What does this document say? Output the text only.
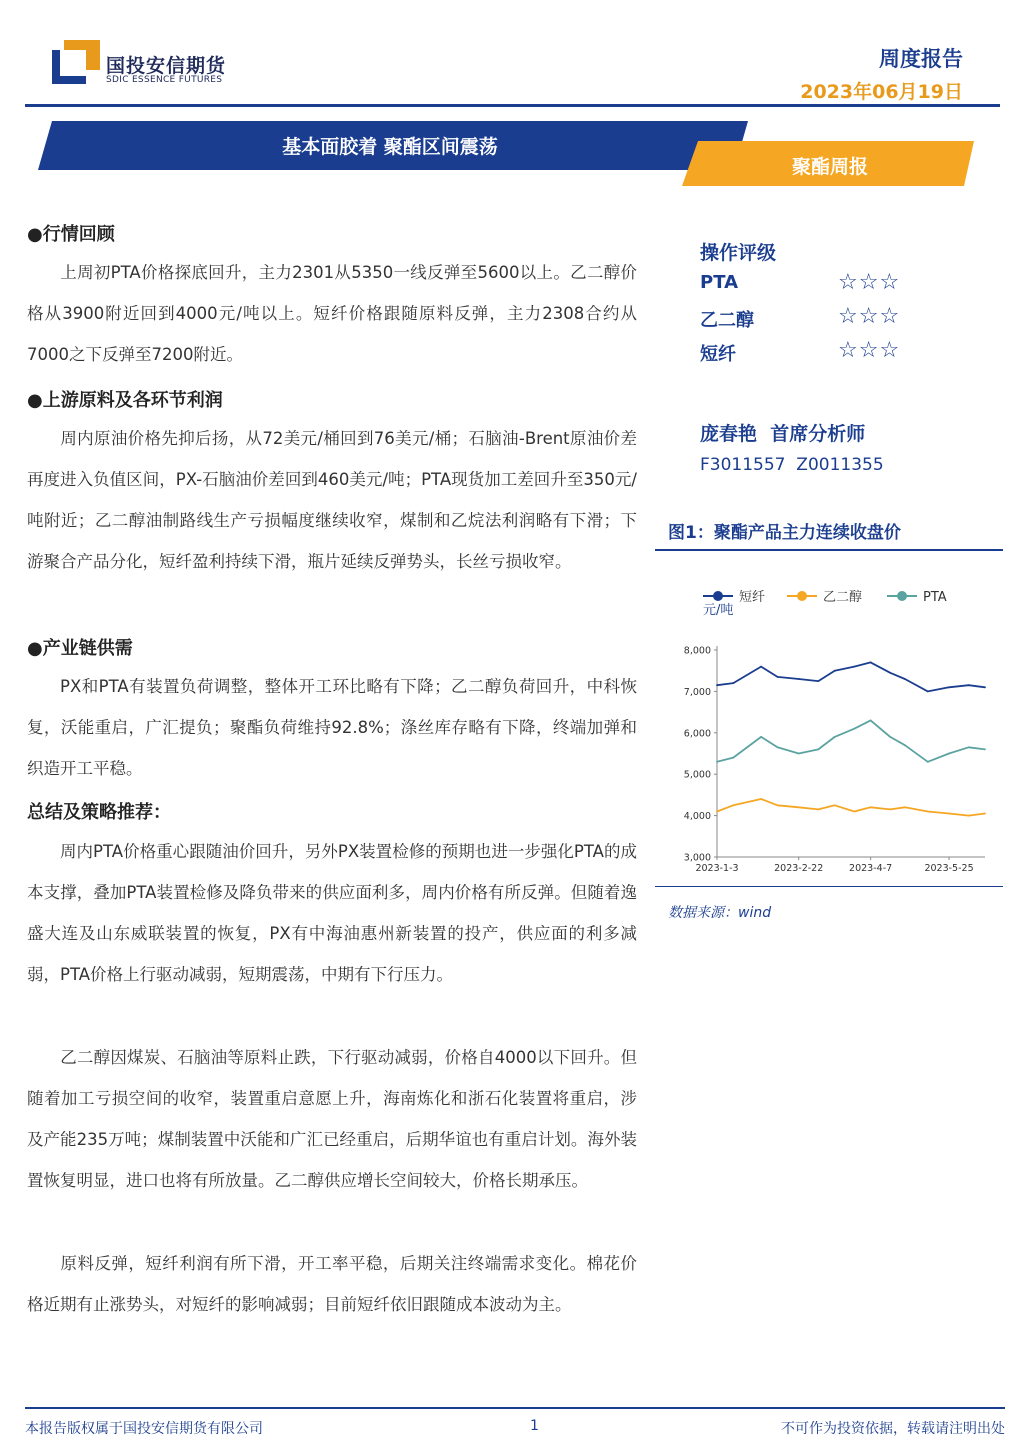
国投安信期货
SDIC ESSENCE FUTURES
周度报告
2023年06月19日
基本面胶着 聚酯区间震荡
聚酯周报
●行情回顾
上周初PTA价格探底回升，主力2301从5350一线反弹至5600以上。乙二醇价格从3900附近回到4000元/吨以上。短纤价格跟随原料反弹，主力2308合约从7000之下反弹至7200附近。
●上游原料及各环节利润
周内原油价格先抑后扬，从72美元/桶回到76美元/桶；石脑油-Brent原油价差再度进入负值区间，PX-石脑油价差回到460美元/吨；PTA现货加工差回升至350元/吨附近；乙二醇油制路线生产亏损幅度继续收窄，煤制和乙烷法利润略有下滑；下游聚合产品分化，短纤盈利持续下滑，瓶片延续反弹势头，长丝亏损收窄。
●产业链供需
PX和PTA有装置负荷调整，整体开工环比略有下降；乙二醇负荷回升，中科恢复，沃能重启，广汇提负；聚酯负荷维持92.8%；涤丝库存略有下降，终端加弹和织造开工平稳。
总结及策略推荐：
周内PTA价格重心跟随油价回升，另外PX装置检修的预期也进一步强化PTA的成本支撑，叠加PTA装置检修及降负带来的供应面利多，周内价格有所反弹。但随着逸盛大连及山东威联装置的恢复，PX有中海油惠州新装置的投产，供应面的利多减弱，PTA价格上行驱动减弱，短期震荡，中期有下行压力。
乙二醇因煤炭、石脑油等原料止跌，下行驱动减弱，价格自4000以下回升。但随着加工亏损空间的收窄，装置重启意愿上升，海南炼化和浙石化装置将重启，涉及产能235万吨；煤制装置中沃能和广汇已经重启，后期华谊也有重启计划。海外装置恢复明显，进口也将有所放量。乙二醇供应增长空间较大，价格长期承压。
原料反弹，短纤利润有所下滑，开工率平稳，后期关注终端需求变化。棉花价格近期有止涨势头，对短纤的影响减弱；目前短纤依旧跟随成本波动为主。
操作评级
PTA	☆☆☆
乙二醇	☆☆☆
短纤	☆☆☆
庞春艳  首席分析师
F3011557  Z0011355
图1：聚酯产品主力连续收盘价
短纤	乙二醇	PTA
元/吨
3,000
4,000
5,000
6,000
7,000
8,000
2023-1-3	2023-2-22	2023-4-7	2023-5-25
数据来源：wind
本报告版权属于国投安信期货有限公司	1	不可作为投资依据，转载请注明出处
